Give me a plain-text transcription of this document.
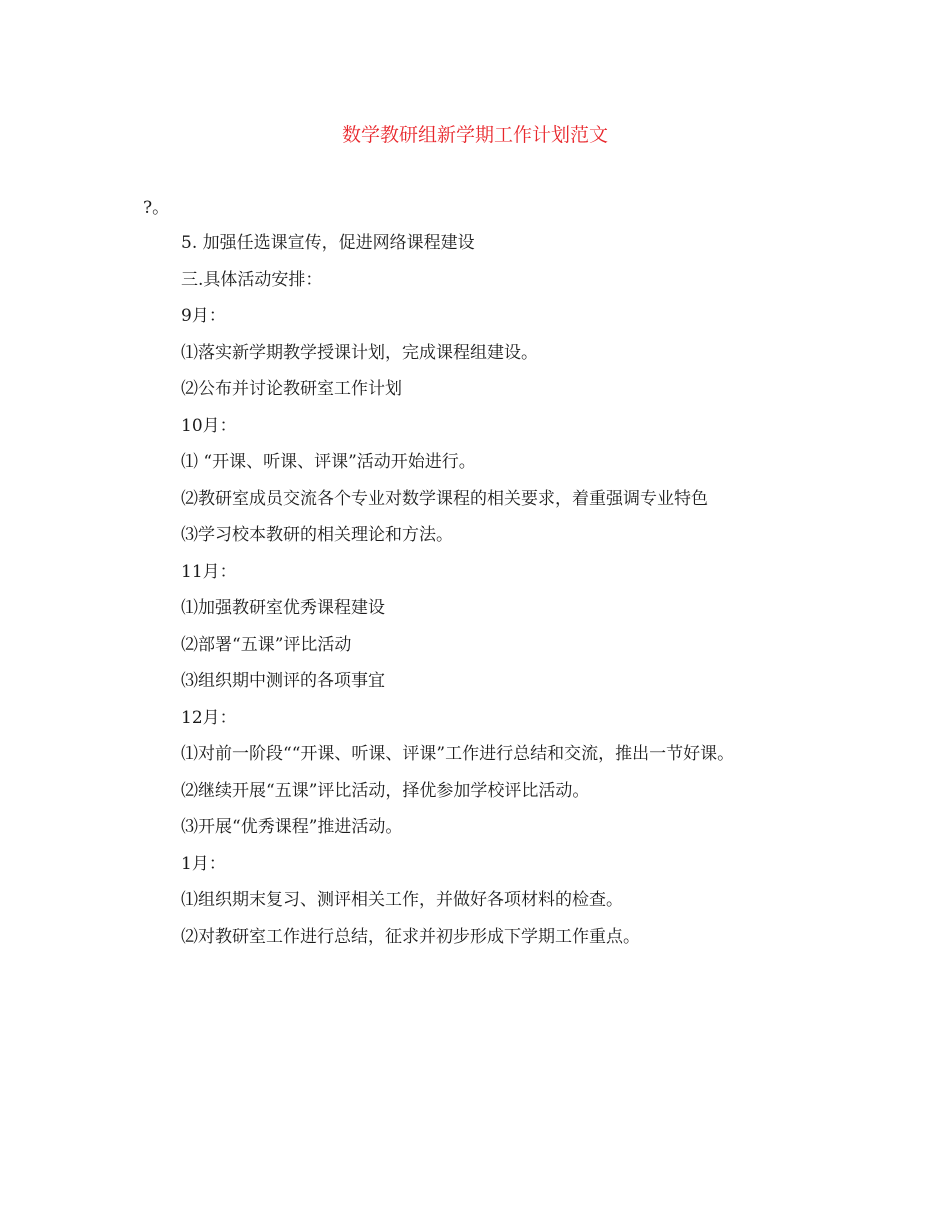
数学教研组新学期工作计划范文

?。

5. 加强任选课宣传，促进网络课程建设
三.具体活动安排：
9月：
⑴落实新学期教学授课计划，完成课程组建设。
⑵公布并讨论教研室工作计划
10月：
⑴ “开课、听课、评课”活动开始进行。
⑵教研室成员交流各个专业对数学课程的相关要求，着重强调专业特色
⑶学习校本教研的相关理论和方法。
11月：
⑴加强教研室优秀课程建设
⑵部署“五课”评比活动
⑶组织期中测评的各项事宜
12月：
⑴对前一阶段““开课、听课、评课”工作进行总结和交流，推出一节好课。
⑵继续开展“五课”评比活动，择优参加学校评比活动。
⑶开展“优秀课程”推进活动。
1月：
⑴组织期末复习、测评相关工作，并做好各项材料的检查。
⑵对教研室工作进行总结，征求并初步形成下学期工作重点。
